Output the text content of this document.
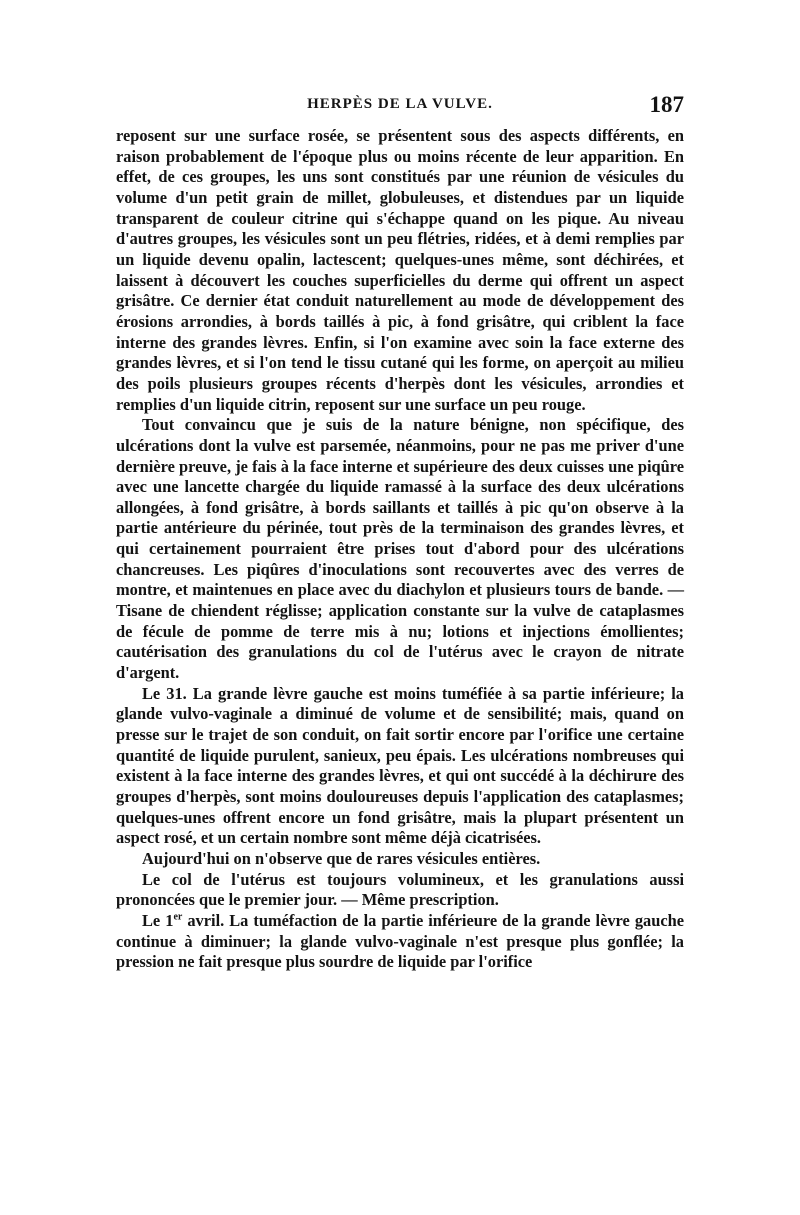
HERPÈS DE LA VULVE.	187

reposent sur une surface rosée, se présentent sous des aspects différents, en raison probablement de l'époque plus ou moins récente de leur apparition. En effet, de ces groupes, les uns sont constitués par une réunion de vésicules du volume d'un petit grain de millet, globuleuses, et distendues par un liquide transparent de couleur citrine qui s'échappe quand on les pique. Au niveau d'autres groupes, les vésicules sont un peu flétries, ridées, et à demi remplies par un liquide devenu opalin, lactescent; quelques-unes même, sont déchirées, et laissent à découvert les couches superficielles du derme qui offrent un aspect grisâtre. Ce dernier état conduit naturellement au mode de développement des érosions arrondies, à bords taillés à pic, à fond grisâtre, qui criblent la face interne des grandes lèvres. Enfin, si l'on examine avec soin la face externe des grandes lèvres, et si l'on tend le tissu cutané qui les forme, on aperçoit au milieu des poils plusieurs groupes récents d'herpès dont les vésicules, arrondies et remplies d'un liquide citrin, reposent sur une surface un peu rouge.

Tout convaincu que je suis de la nature bénigne, non spécifique, des ulcérations dont la vulve est parsemée, néanmoins, pour ne pas me priver d'une dernière preuve, je fais à la face interne et supérieure des deux cuisses une piqûre avec une lancette chargée du liquide ramassé à la surface des deux ulcérations allongées, à fond grisâtre, à bords saillants et taillés à pic qu'on observe à la partie antérieure du périnée, tout près de la terminaison des grandes lèvres, et qui certainement pourraient être prises tout d'abord pour des ulcérations chancreuses. Les piqûres d'inoculations sont recouvertes avec des verres de montre, et maintenues en place avec du diachylon et plusieurs tours de bande. — Tisane de chiendent réglisse; application constante sur la vulve de cataplasmes de fécule de pomme de terre mis à nu; lotions et injections émollientes; cautérisation des granulations du col de l'utérus avec le crayon de nitrate d'argent.

Le 31. La grande lèvre gauche est moins tuméfiée à sa partie inférieure; la glande vulvo-vaginale a diminué de volume et de sensibilité; mais, quand on presse sur le trajet de son conduit, on fait sortir encore par l'orifice une certaine quantité de liquide purulent, sanieux, peu épais. Les ulcérations nombreuses qui existent à la face interne des grandes lèvres, et qui ont succédé à la déchirure des groupes d'herpès, sont moins douloureuses depuis l'application des cataplasmes; quelques-unes offrent encore un fond grisâtre, mais la plupart présentent un aspect rosé, et un certain nombre sont même déjà cicatrisées.

Aujourd'hui on n'observe que de rares vésicules entières.

Le col de l'utérus est toujours volumineux, et les granulations aussi prononcées que le premier jour. — Même prescription.

Le 1er avril. La tuméfaction de la partie inférieure de la grande lèvre gauche continue à diminuer; la glande vulvo-vaginale n'est presque plus gonflée; la pression ne fait presque plus sourdre de liquide par l'orifice
